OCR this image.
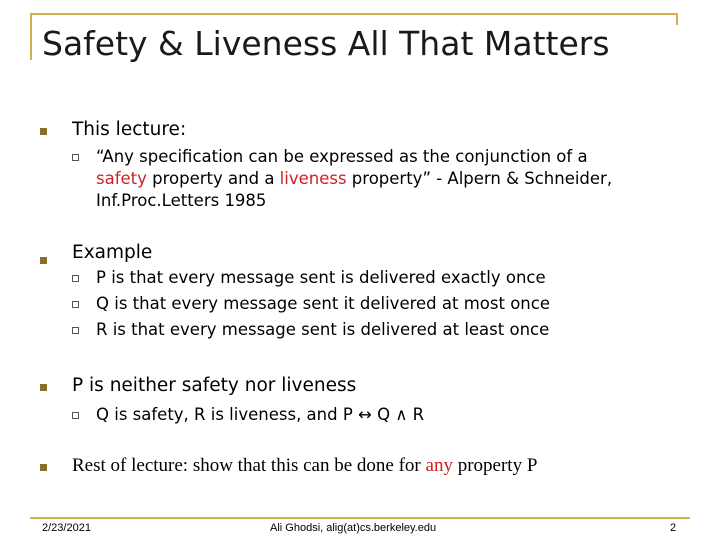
Safety & Liveness All That Matters
This lecture:
“Any specification can be expressed as the conjunction of a
safety property and a liveness property” - Alpern & Schneider,
Inf.Proc.Letters 1985
Example
P is that every message sent is delivered exactly once
Q is that every message sent it delivered at most once
R is that every message sent is delivered at least once
P is neither safety nor liveness
Q is safety, R is liveness, and P ↔ Q ∧ R
Rest of lecture: show that this can be done for any property P
2/23/2021	Ali Ghodsi, alig(at)cs.berkeley.edu	2
